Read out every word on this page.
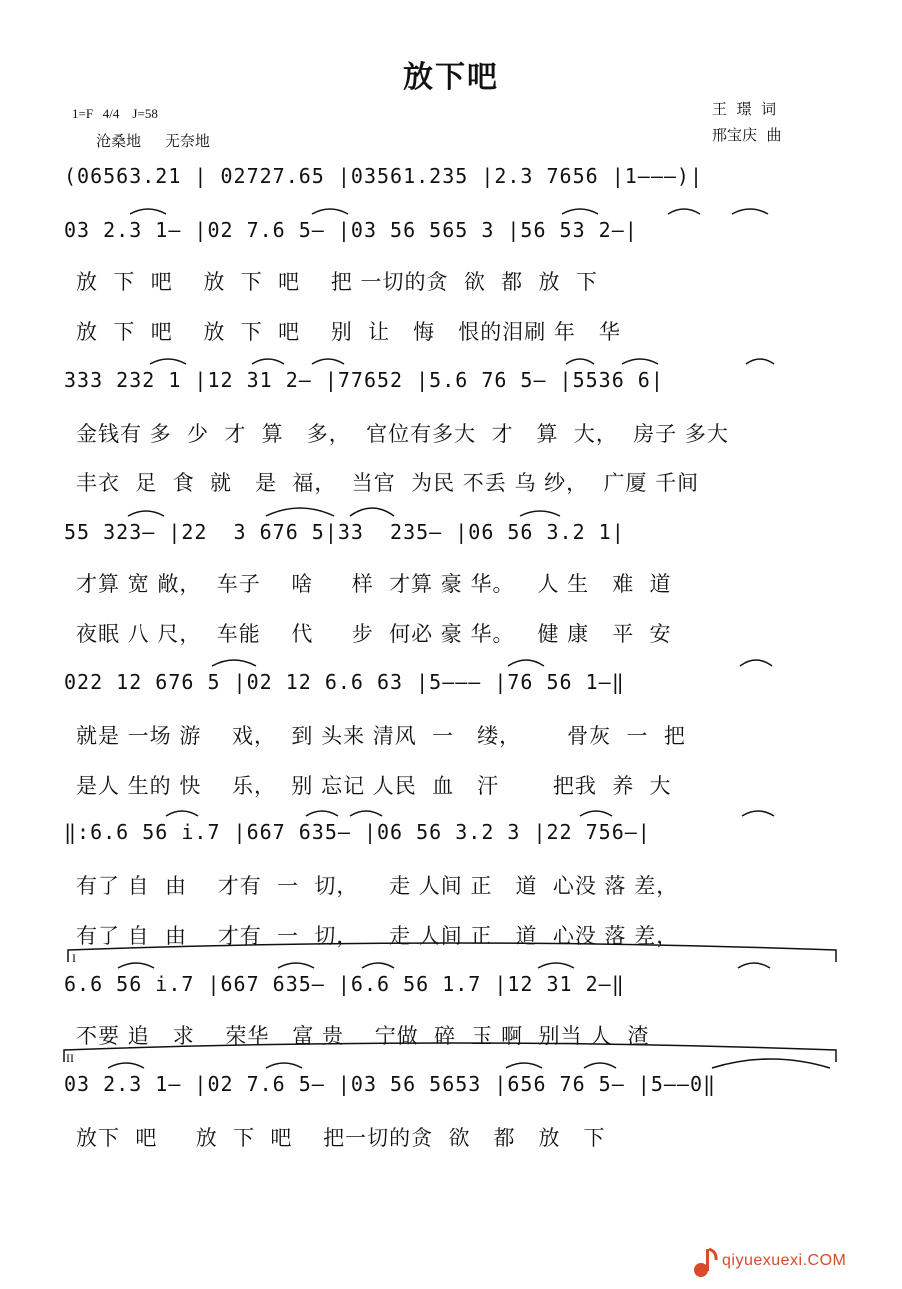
放下吧
1=F   4/4    J=58
沧桑地     无奈地
王  璟  词
邢宝庆  曲
(06563.21 | 02727.65 |03561.235 |2.3 7656 |1———)|
03 2.3 1— |02 7.6 5— |03 56 565 3 |56 53 2—|
放  下  吧    放  下  吧    把 一切的贪  欲  都  放  下
放  下  吧    放  下  吧    别  让   悔   恨的泪刷 年   华
333 232 1 |12 31 2— |77652 |5.6 76 5— |5536 6|
金钱有 多  少  才  算   多，  官位有多大  才   算  大，  房子 多大
丰衣  足  食  就   是  福，  当官  为民 不丢 乌 纱，  广厦 千间
55 323— |22  3 676 5|33  235— |06 56 3.2 1|
才算 宽 敞，  车子    啥     样  才算 豪 华。   人 生   难  道
夜眠 八 尺，  车能    代     步  何必 豪 华。   健 康   平  安
022 12 676 5 |02 12 6.6 63 |5——— |76 56 1—‖
就是 一场 游    戏，  到 头来 清风  一   缕，      骨灰  一  把
是人 生的 快    乐，  别 忘记 人民  血   汗       把我  养  大
‖:6.6 56 i.7 |667 635— |06 56 3.2 3 |22 756—|
有了 自  由    才有  一  切，    走 人间 正   道  心没 落 差，
有了 自  由    才有  一  切，    走 人间 正   道  心没 落 差，
6.6 56 i.7 |667 635— |6.6 56 1.7 |12 31 2—‖
不要 追   求    荣华   富 贵    宁做  碎  玉 啊  别当 人  渣
03 2.3 1— |02 7.6 5— |03 56 5653 |656 76 5— |5——0‖
放下  吧     放  下  吧    把一切的贪  欲   都   放   下
I
II
qiyuexuexi.COM
